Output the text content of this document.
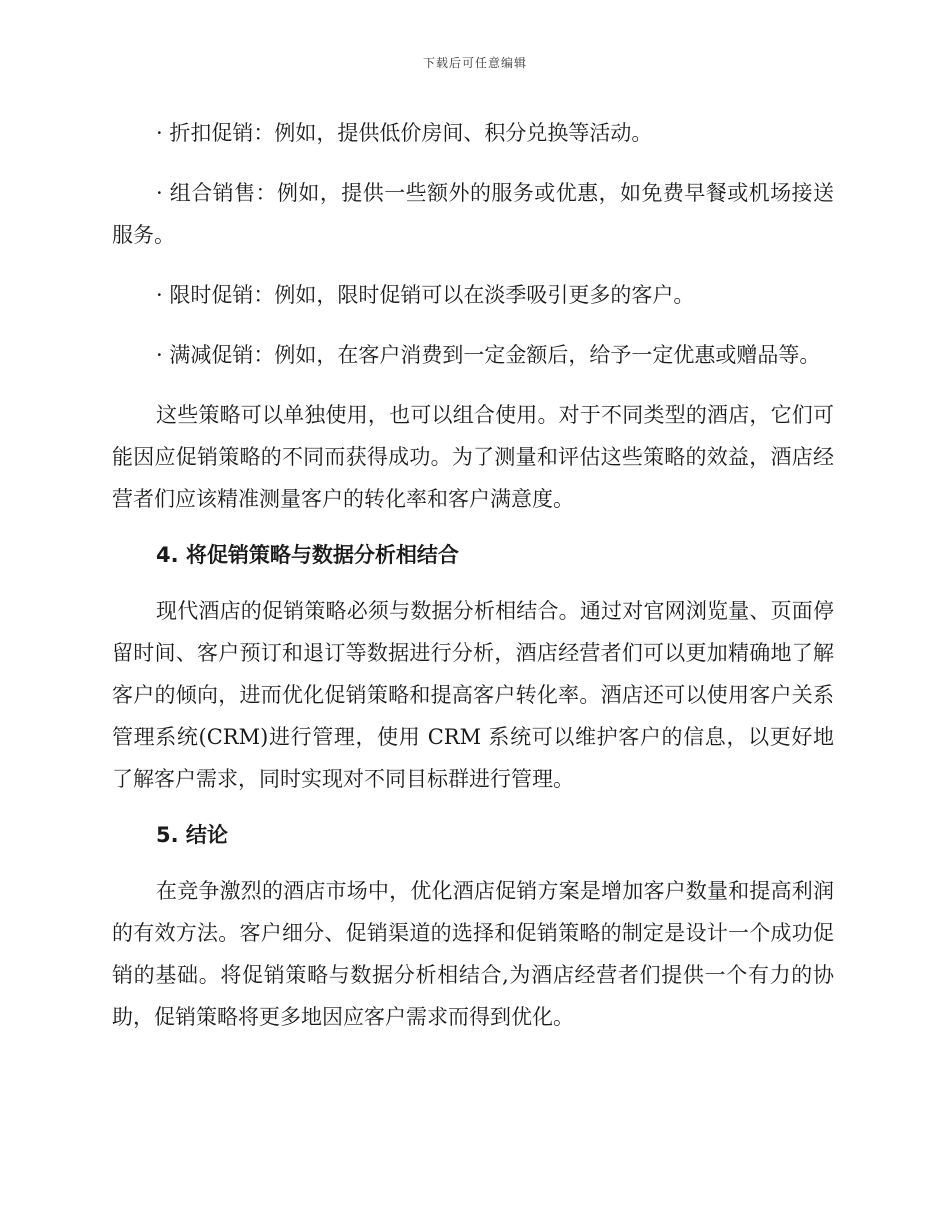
下载后可任意编辑

· 折扣促销：例如，提供低价房间、积分兑换等活动。

· 组合销售：例如，提供一些额外的服务或优惠，如免费早餐或机场接送服务。

· 限时促销：例如，限时促销可以在淡季吸引更多的客户。

· 满减促销：例如，在客户消费到一定金额后，给予一定优惠或赠品等。

这些策略可以单独使用，也可以组合使用。对于不同类型的酒店，它们可能因应促销策略的不同而获得成功。为了测量和评估这些策略的效益，酒店经营者们应该精准测量客户的转化率和客户满意度。

4. 将促销策略与数据分析相结合

现代酒店的促销策略必须与数据分析相结合。通过对官网浏览量、页面停留时间、客户预订和退订等数据进行分析，酒店经营者们可以更加精确地了解客户的倾向，进而优化促销策略和提高客户转化率。酒店还可以使用客户关系管理系统(CRM)进行管理，使用 CRM 系统可以维护客户的信息，以更好地了解客户需求，同时实现对不同目标群进行管理。

5. 结论

在竞争激烈的酒店市场中，优化酒店促销方案是增加客户数量和提高利润的有效方法。客户细分、促销渠道的选择和促销策略的制定是设计一个成功促销的基础。将促销策略与数据分析相结合,为酒店经营者们提供一个有力的协助，促销策略将更多地因应客户需求而得到优化。
